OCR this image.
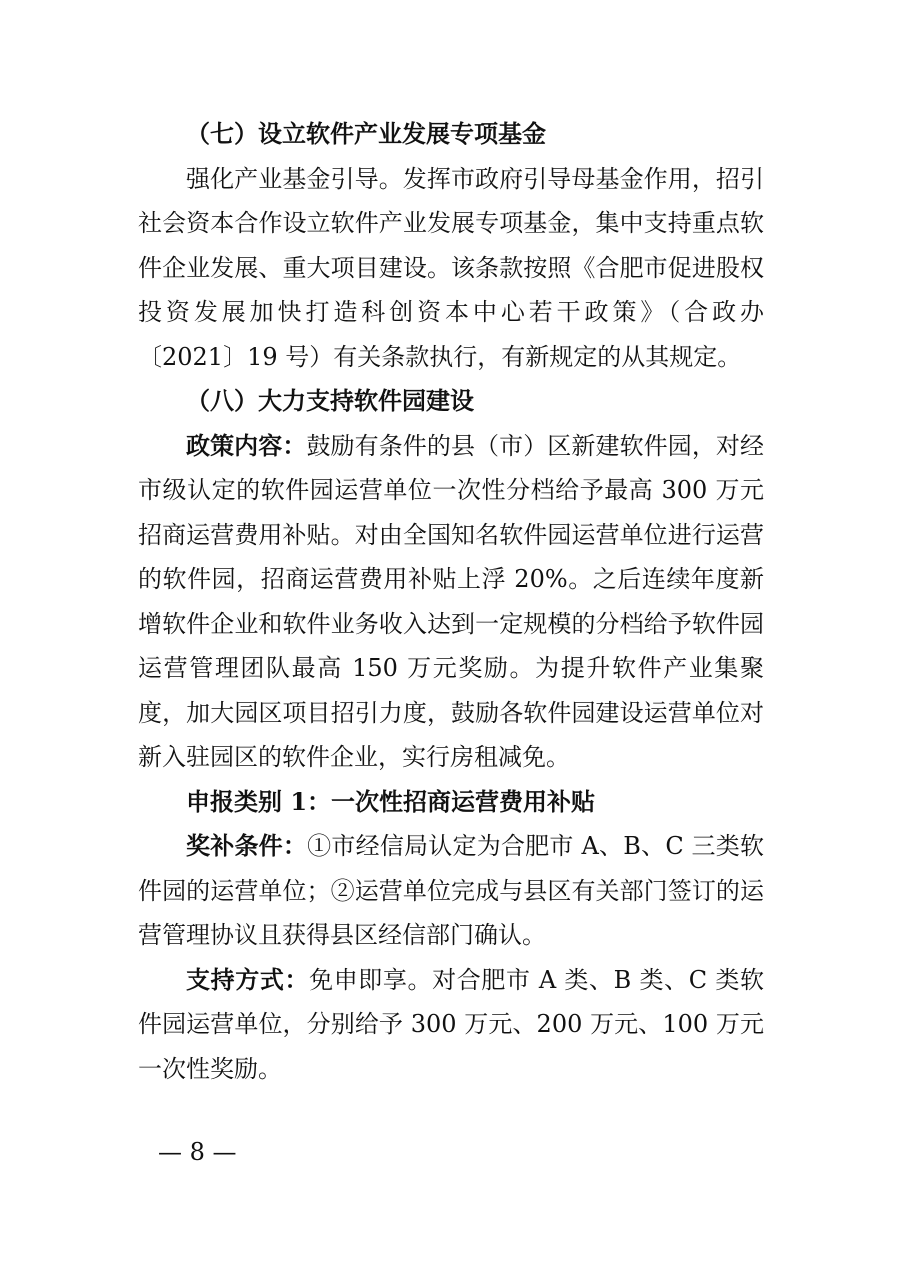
（七）设立软件产业发展专项基金

强化产业基金引导。发挥市政府引导母基金作用，招引社会资本合作设立软件产业发展专项基金，集中支持重点软件企业发展、重大项目建设。该条款按照《合肥市促进股权投资发展加快打造科创资本中心若干政策》（合政办〔2021〕19 号）有关条款执行，有新规定的从其规定。

（八）大力支持软件园建设

政策内容：鼓励有条件的县（市）区新建软件园，对经市级认定的软件园运营单位一次性分档给予最高 300 万元招商运营费用补贴。对由全国知名软件园运营单位进行运营的软件园，招商运营费用补贴上浮 20%。之后连续年度新增软件企业和软件业务收入达到一定规模的分档给予软件园运营管理团队最高 150 万元奖励。为提升软件产业集聚度，加大园区项目招引力度，鼓励各软件园建设运营单位对新入驻园区的软件企业，实行房租减免。

申报类别 1：一次性招商运营费用补贴

奖补条件：①市经信局认定为合肥市 A、B、C 三类软件园的运营单位；②运营单位完成与县区有关部门签订的运营管理协议且获得县区经信部门确认。

支持方式：免申即享。对合肥市 A 类、B 类、C 类软件园运营单位，分别给予 300 万元、200 万元、100 万元一次性奖励。

— 8 —
